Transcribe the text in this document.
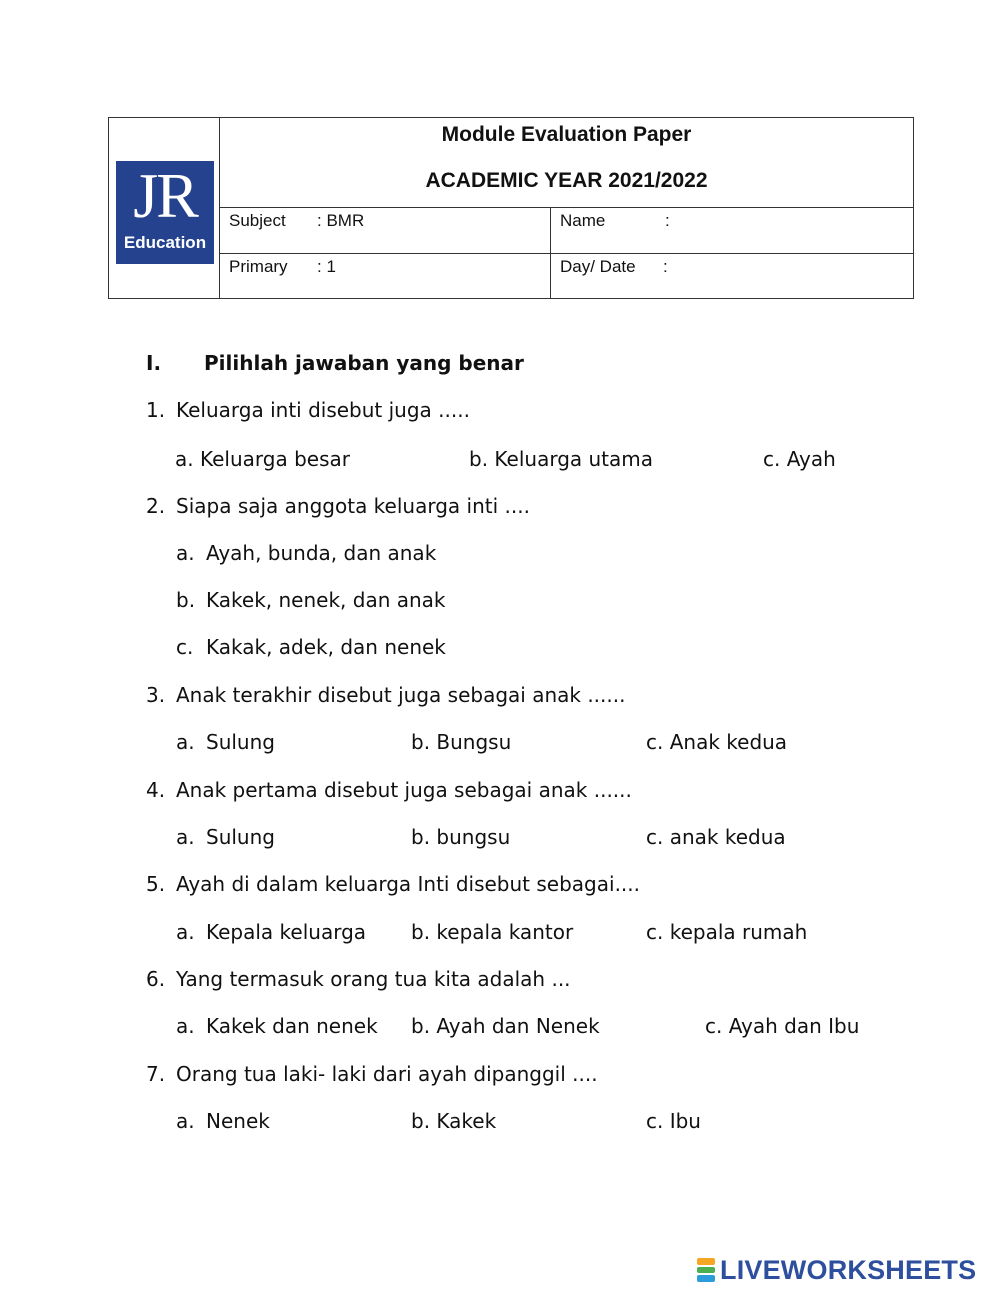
JR
Education
Module Evaluation Paper
ACADEMIC YEAR 2021/2022
Subject : BMR	Name	:
Primary : 1	Day/ Date :
I. Pilihlah jawaban yang benar
1. Keluarga inti disebut juga .....
a. Keluarga besar	b. Keluarga utama	c. Ayah
2. Siapa saja anggota keluarga inti ....
a. Ayah, bunda, dan anak
b. Kakek, nenek, dan anak
c. Kakak, adek, dan nenek
3. Anak terakhir disebut juga sebagai anak ......
a. Sulung	b. Bungsu	c. Anak kedua
4. Anak pertama disebut juga sebagai anak ......
a. Sulung	b. bungsu	c. anak kedua
5. Ayah di dalam keluarga Inti disebut sebagai....
a. Kepala keluarga b. kepala kantor	c. kepala rumah
6. Yang termasuk orang tua kita adalah ...
a. Kakek dan nenek b. Ayah dan Nenek	c. Ayah dan Ibu
7. Orang tua laki- laki dari ayah dipanggil ....
a. Nenek	b. Kakek	c. Ibu
LIVEWORKSHEETS
